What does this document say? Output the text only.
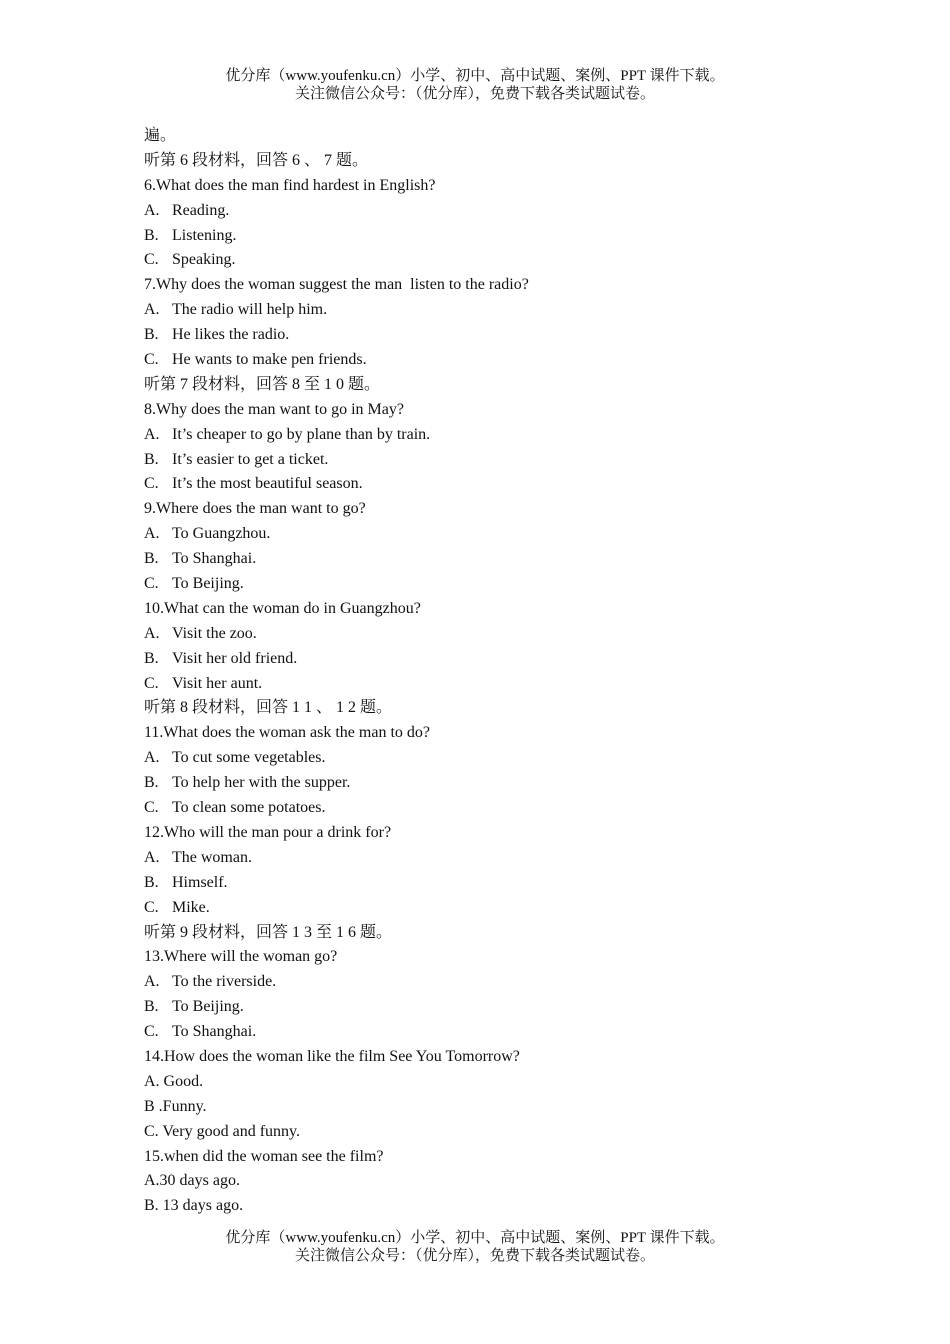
优分库（www.youfenku.cn）小学、初中、高中试题、案例、PPT 课件下载。
关注微信公众号：（优分库），免费下载各类试题试卷。
遍。
听第 6 段材料，回答 6 、 7 题。
6.What does the man find hardest in English?
A. Reading.
B. Listening.
C. Speaking.
7.Why does the woman suggest the man  listen to the radio?
A. The radio will help him.
B. He likes the radio.
C. He wants to make pen friends.
听第 7 段材料，回答 8 至 1 0 题。
8.Why does the man want to go in May?
A. It’s cheaper to go by plane than by train.
B. It’s easier to get a ticket.
C. It’s the most beautiful season.
9.Where does the man want to go?
A. To Guangzhou.
B. To Shanghai.
C. To Beijing.
10.What can the woman do in Guangzhou?
A. Visit the zoo.
B. Visit her old friend.
C. Visit her aunt.
听第 8 段材料，回答 1 1 、 1 2 题。
11.What does the woman ask the man to do?
A. To cut some vegetables.
B. To help her with the supper.
C. To clean some potatoes.
12.Who will the man pour a drink for?
A. The woman.
B. Himself.
C. Mike.
听第 9 段材料，回答 1 3 至 1 6 题。
13.Where will the woman go?
A. To the riverside.
B. To Beijing.
C. To Shanghai.
14.How does the woman like the film See You Tomorrow?
A. Good.
B .Funny.
C. Very good and funny.
15.when did the woman see the film?
A.30 days ago.
B. 13 days ago.
优分库（www.youfenku.cn）小学、初中、高中试题、案例、PPT 课件下载。
关注微信公众号：（优分库），免费下载各类试题试卷。
